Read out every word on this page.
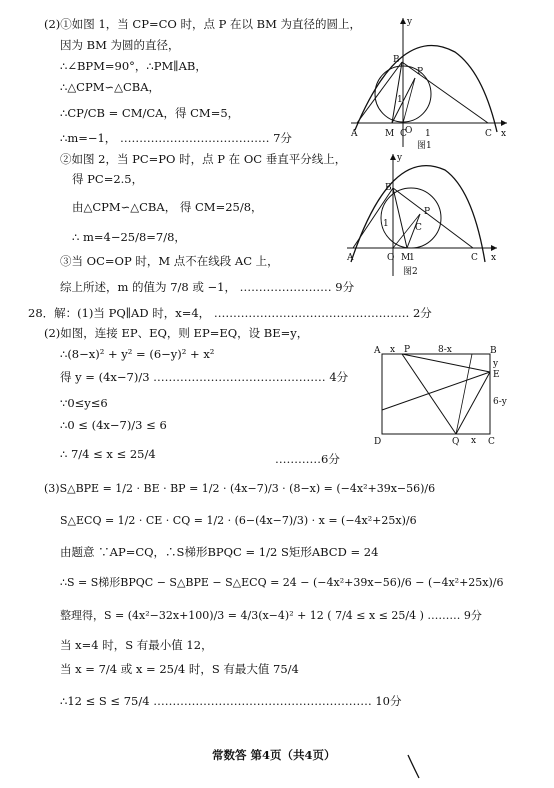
(2)①如图 1，当 CP=CO 时，点 P 在以 BM 为直径的圆上，
因为 BM 为圆的直径，
∴∠BPM=90°，∴PM∥AB，
∴△CPM∽△CBA，
∴CP/CB = CM/CA，得 CM=5，
∴m=−1， ………………………………… 7分
②如图 2，当 PC=PO 时，点 P 在 OC 垂直平分线上，
得 PC=2.5，
由△CPM∽△CBA， 得 CM=25/8，
∴ m=4−25/8=7/8，
③当 OC=OP 时，M 点不在线段 AC 上，
综上所述，m 的值为 7/8 或 −1， …………………… 9分
28．解：(1)当 PQ∥AD 时，x=4， …………………………………………… 2分
(2)如图，连接 EP、EQ，则 EP=EQ，设 BE=y，
∴(8−x)² + y² = (6−y)² + x²
得 y = (4x−7)/3 ……………………………………… 4分
∵0≤y≤6
∴0 ≤ (4x−7)/3 ≤ 6
∴ 7/4 ≤ x ≤ 25/4	…………6分
(3)S△BPE = 1/2 · BE · BP = 1/2 · (4x−7)/3 · (8−x) = (−4x²+39x−56)/6
S△ECQ = 1/2 · CE · CQ = 1/2 · (6−(4x−7)/3) · x = (−4x²+25x)/6
由题意 ∵AP=CQ，∴S梯形BPQC = 1/2 S矩形ABCD = 24
∴S = S梯形BPQC − S△BPE − S△ECQ = 24 − (−4x²+39x−56)/6 − (−4x²+25x)/6
整理得，S = (4x²−32x+100)/3 = 4/3(x−4)² + 12 ( 7/4 ≤ x ≤ 25/4 ) ……… 9分
当 x=4 时，S 有最小值 12，
当 x = 7/4 或 x = 25/4 时，S 有最大值 75/4
∴12 ≤ S ≤ 75/4 ………………………………………………… 10分
常数答 第4页（共4页）
y
B
P
A	M C
O 1	C x
1
图1
y
B
P
C
1
A	O M
1	C x
图2
A x P	8-x	B
y
E
6-y
D	Q x C
